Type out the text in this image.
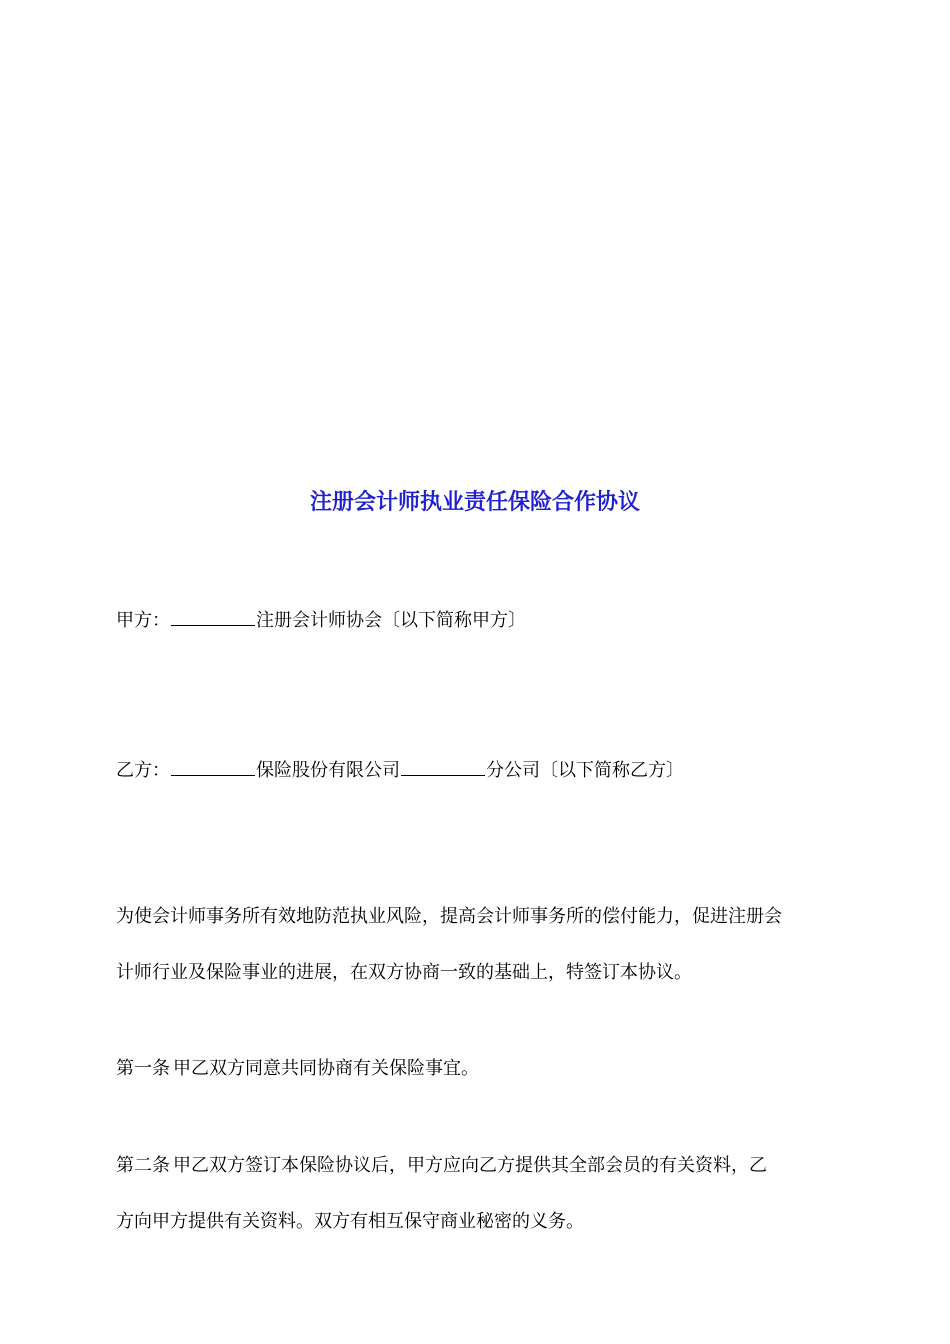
注册会计师执业责任保险合作协议
甲方：	注册会计师协会〔以下简称甲方〕
乙方：	保险股份有限公司	分公司〔以下简称乙方〕
为使会计师事务所有效地防范执业风险，提高会计师事务所的偿付能力，促进注册会
计师行业及保险事业的进展，在双方协商一致的基础上，特签订本协议。
第一条 甲乙双方同意共同协商有关保险事宜。
第二条 甲乙双方签订本保险协议后，甲方应向乙方提供其全部会员的有关资料，乙
方向甲方提供有关资料。双方有相互保守商业秘密的义务。
